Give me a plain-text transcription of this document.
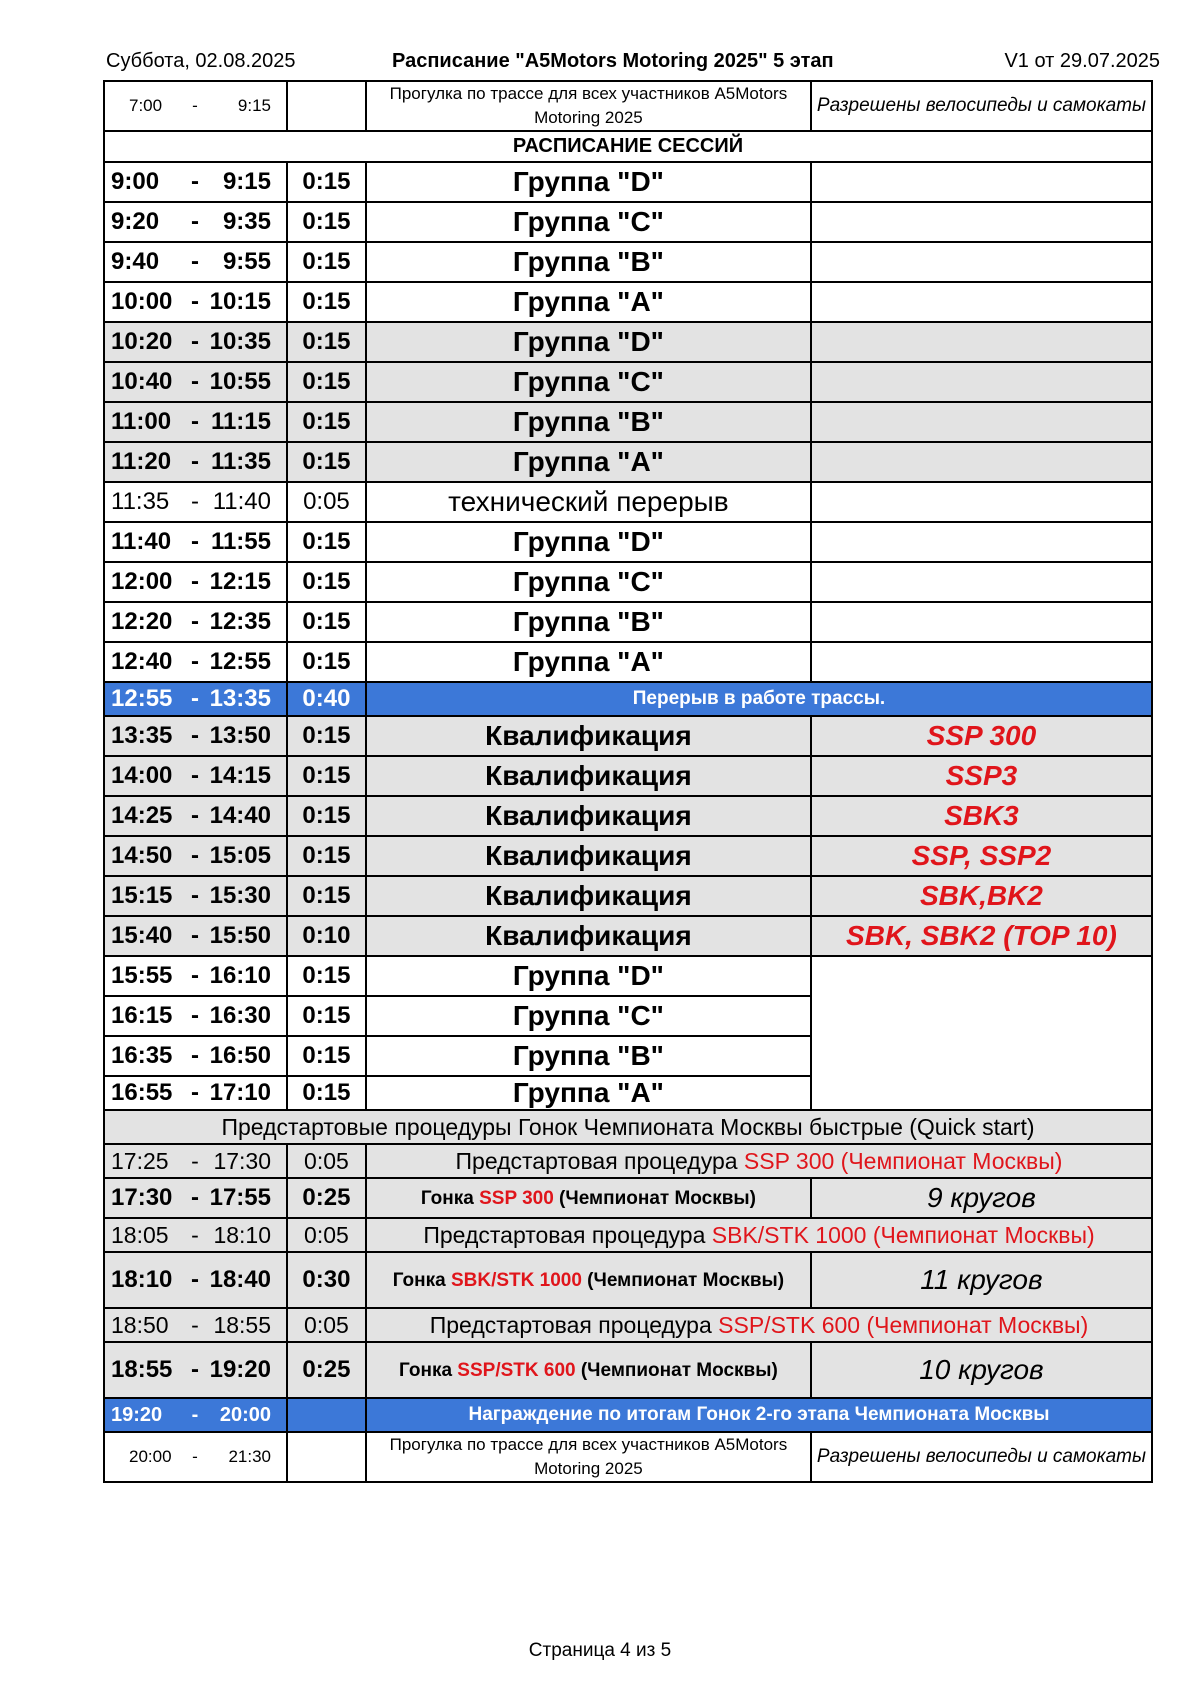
Суббота, 02.08.2025	Расписание "A5Motors Motoring 2025" 5 этап	V1 от 29.07.2025
7:00 - 9:15		Прогулка по трассе для всех участников A5Motors Motoring 2025	Разрешены велосипеды и самокаты
РАСПИСАНИЕ СЕССИЙ			
9:00 - 9:15	0:15	Группа "D"	
9:20 - 9:35	0:15	Группа "C"	
9:40 - 9:55	0:15	Группа "B"	
10:00 - 10:15	0:15	Группа "A"	
10:20 - 10:35	0:15	Группа "D"	
10:40 - 10:55	0:15	Группа "C"	
11:00 - 11:15	0:15	Группа "B"	
11:20 - 11:35	0:15	Группа "A"	
11:35 - 11:40	0:05	технический перерыв	
11:40 - 11:55	0:15	Группа "D"	
12:00 - 12:15	0:15	Группа "C"	
12:20 - 12:35	0:15	Группа "B"	
12:40 - 12:55	0:15	Группа "A"	
12:55 - 13:35	0:40	Перерыв в работе трассы.	
13:35 - 13:50	0:15	Квалификация	SSP 300
14:00 - 14:15	0:15	Квалификация	SSP3
14:25 - 14:40	0:15	Квалификация	SBK3
14:50 - 15:05	0:15	Квалификация	SSP, SSP2
15:15 - 15:30	0:15	Квалификация	SBK,BK2
15:40 - 15:50	0:10	Квалификация	SBK, SBK2 (TOP 10)
15:55 - 16:10	0:15	Группа "D"	
16:15 - 16:30	0:15	Группа "C"	
16:35 - 16:50	0:15	Группа "B"	
16:55 - 17:10	0:15	Группа "A"	
Предстартовые процедуры Гонок Чемпионата Москвы быстрые (Quick start)			
17:25 - 17:30	0:05	Предстартовая процедура SSP 300 (Чемпионат Москвы)	
17:30 - 17:55	0:25	Гонка SSP 300 (Чемпионат Москвы)	9 кругов
18:05 - 18:10	0:05	Предстартовая процедура SBK/STK 1000 (Чемпионат Москвы)	
18:10 - 18:40	0:30	Гонка SBK/STK 1000 (Чемпионат Москвы)	11 кругов
18:50 - 18:55	0:05	Предстартовая процедура SSP/STK 600 (Чемпионат Москвы)	
18:55 - 19:20	0:25	Гонка SSP/STK 600 (Чемпионат Москвы)	10 кругов
19:20 - 20:00		Награждение по итогам Гонок 2-го этапа Чемпионата Москвы	
20:00 - 21:30		Прогулка по трассе для всех участников A5Motors Motoring 2025	Разрешены велосипеды и самокаты
Страница 4 из 5
